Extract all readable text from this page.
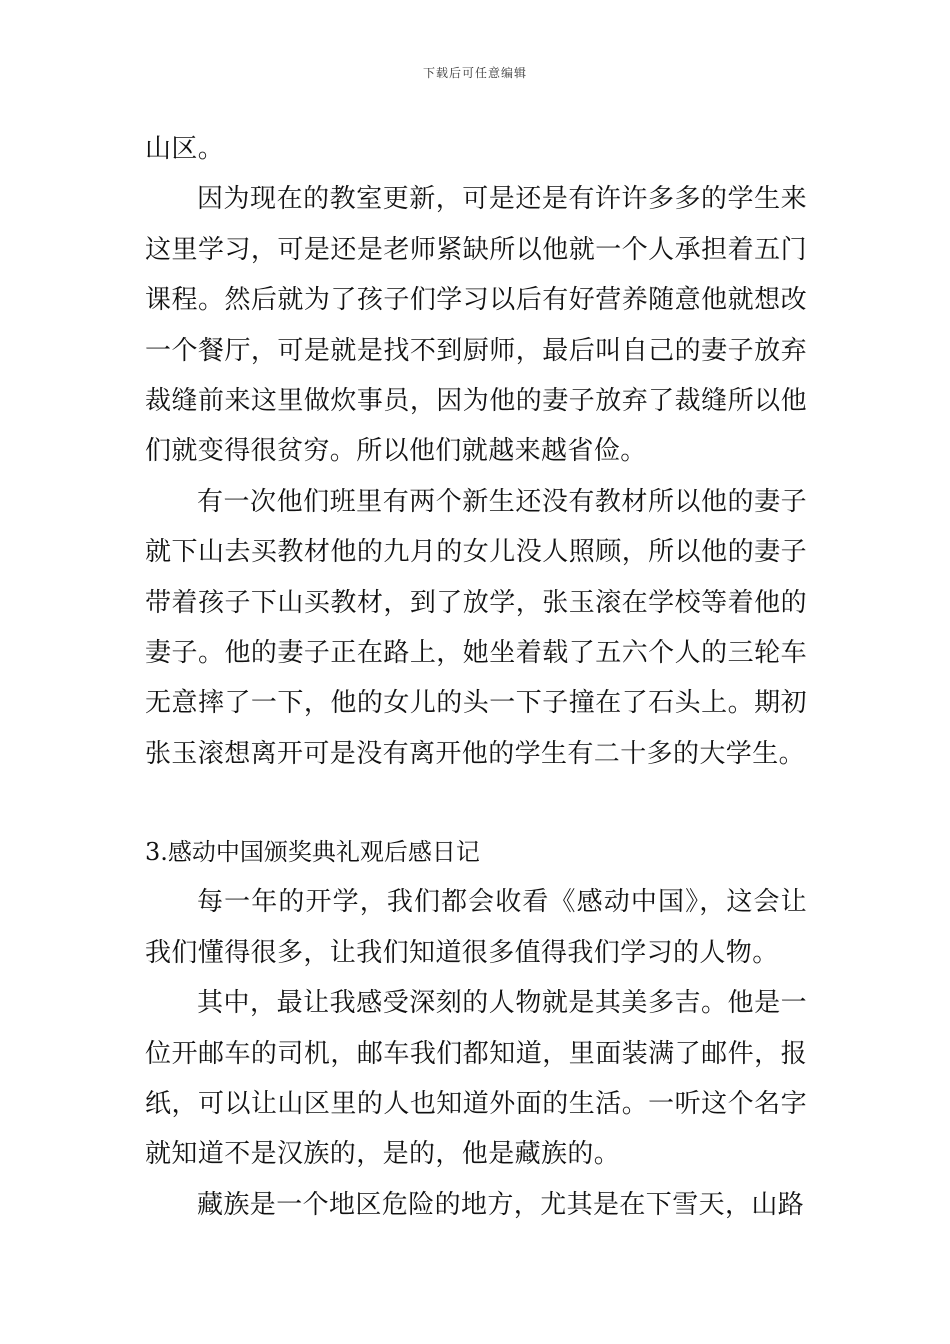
下载后可任意编辑

山区。

因为现在的教室更新，可是还是有许许多多的学生来这里学习，可是还是老师紧缺所以他就一个人承担着五门课程。然后就为了孩子们学习以后有好营养随意他就想改一个餐厅，可是就是找不到厨师，最后叫自己的妻子放弃裁缝前来这里做炊事员，因为他的妻子放弃了裁缝所以他们就变得很贫穷。所以他们就越来越省俭。

有一次他们班里有两个新生还没有教材所以他的妻子就下山去买教材他的九月的女儿没人照顾，所以他的妻子带着孩子下山买教材，到了放学，张玉滚在学校等着他的妻子。他的妻子正在路上，她坐着载了五六个人的三轮车无意摔了一下，他的女儿的头一下子撞在了石头上。期初张玉滚想离开可是没有离开他的学生有二十多的大学生。

3.感动中国颁奖典礼观后感日记

每一年的开学，我们都会收看《感动中国》，这会让我们懂得很多，让我们知道很多值得我们学习的人物。

其中，最让我感受深刻的人物就是其美多吉。他是一位开邮车的司机，邮车我们都知道，里面装满了邮件，报纸，可以让山区里的人也知道外面的生活。一听这个名字就知道不是汉族的，是的，他是藏族的。

藏族是一个地区危险的地方，尤其是在下雪天，山路
